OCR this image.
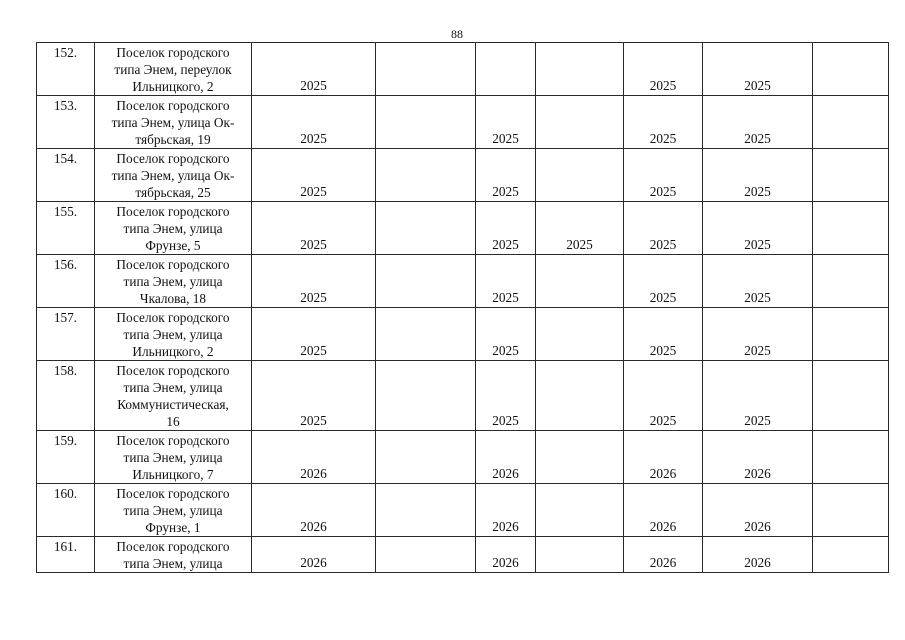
88
152.	Поселок городского
типа Энем, переулок
Ильницкого, 2	2025				2025	2025	
153.	Поселок городского
типа Энем, улица Ок-
тябрьская, 19	2025		2025		2025	2025	
154.	Поселок городского
типа Энем, улица Ок-
тябрьская, 25	2025		2025		2025	2025	
155.	Поселок городского
типа Энем, улица
Фрунзе, 5	2025		2025	2025	2025	2025	
156.	Поселок городского
типа Энем, улица
Чкалова, 18	2025		2025		2025	2025	
157.	Поселок городского
типа Энем, улица
Ильницкого, 2	2025		2025		2025	2025	
158.	Поселок городского
типа Энем, улица
Коммунистическая,
16	2025		2025		2025	2025	
159.	Поселок городского
типа Энем, улица
Ильницкого, 7	2026		2026		2026	2026	
160.	Поселок городского
типа Энем, улица
Фрунзе, 1	2026		2026		2026	2026	
161.	Поселок городского
типа Энем, улица	2026		2026		2026	2026	
